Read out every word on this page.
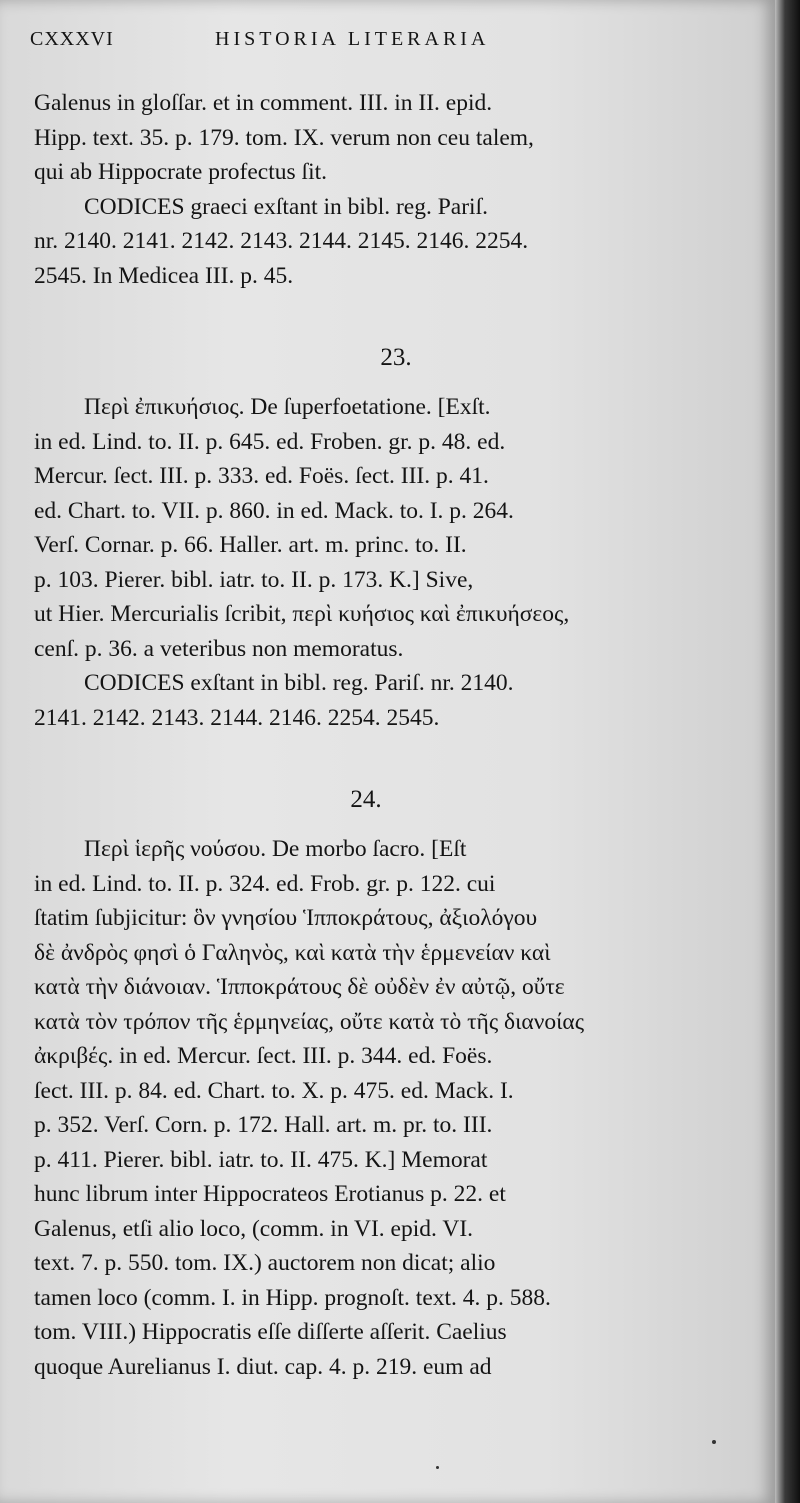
CXXXVI	HISTORIA LITERARIA
Galenus in gloſſar. et in comment. III. in II. epid.
Hipp. text. 35. p. 179. tom. IX. verum non ceu talem,
qui ab Hippocrate profectus ſit.
CODICES graeci exſtant in bibl. reg. Pariſ.
nr. 2140. 2141. 2142. 2143. 2144. 2145. 2146. 2254.
2545. In Medicea III. p. 45.
23.
Περὶ ἐπικυήσιος. De ſuperfoetatione. [Exſt.
in ed. Lind. to. II. p. 645. ed. Froben. gr. p. 48. ed.
Mercur. ſect. III. p. 333. ed. Foës. ſect. III. p. 41.
ed. Chart. to. VII. p. 860. in ed. Mack. to. I. p. 264.
Verſ. Cornar. p. 66. Haller. art. m. princ. to. II.
p. 103. Pierer. bibl. iatr. to. II. p. 173. K.] Sive,
ut Hier. Mercurialis ſcribit, περὶ κυήσιος καὶ ἐπικυήσεος,
cenſ. p. 36. a veteribus non memoratus.
CODICES exſtant in bibl. reg. Pariſ. nr. 2140.
2141. 2142. 2143. 2144. 2146. 2254. 2545.
24.
Περὶ ἱερῆς νούσου. De morbo ſacro. [Eſt
in ed. Lind. to. II. p. 324. ed. Frob. gr. p. 122. cui
ſtatim ſubjicitur: ὃν γνησίου Ἱπποκράτους, ἀξιολόγου
δὲ ἀνδρὸς φησὶ ὁ Γαληνὸς, καὶ κατὰ τὴν ἑρμενείαν καὶ
κατὰ τὴν διάνοιαν. Ἱπποκράτους δὲ οὐδὲν ἐν αὐτῷ, οὔτε
κατὰ τὸν τρόπον τῆς ἑρμηνείας, οὔτε κατὰ τὸ τῆς διανοίας
ἀκριβές. in ed. Mercur. ſect. III. p. 344. ed. Foës.
ſect. III. p. 84. ed. Chart. to. X. p. 475. ed. Mack. I.
p. 352. Verſ. Corn. p. 172. Hall. art. m. pr. to. III.
p. 411. Pierer. bibl. iatr. to. II. 475. K.] Memorat
hunc librum inter Hippocrateos Erotianus p. 22. et
Galenus, etſi alio loco, (comm. in VI. epid. VI.
text. 7. p. 550. tom. IX.) auctorem non dicat; alio
tamen loco (comm. I. in Hipp. prognoſt. text. 4. p. 588.
tom. VIII.) Hippocratis eſſe diſſerte aſſerit. Caelius
quoque Aurelianus I. diut. cap. 4. p. 219. eum ad
